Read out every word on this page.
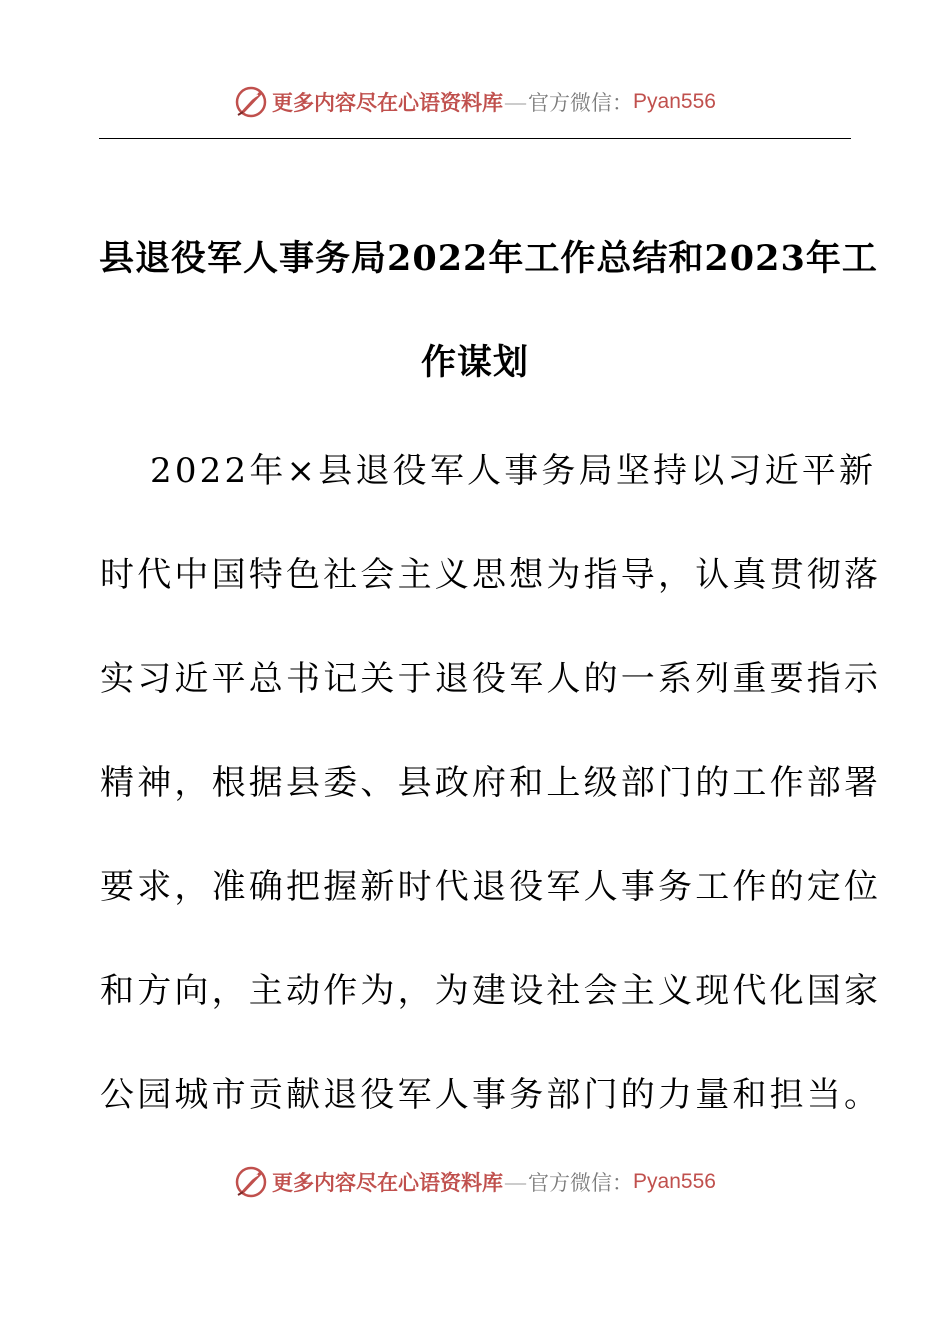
更多内容尽在心语资料库 — 官方微信： Pyan556
县退役军人事务局2022年工作总结和2023年工
作谋划
2022年×县退役军人事务局坚持以习近平新
时代中国特色社会主义思想为指导，认真贯彻落
实习近平总书记关于退役军人的一系列重要指示
精神，根据县委、县政府和上级部门的工作部署
要求，准确把握新时代退役军人事务工作的定位
和方向，主动作为，为建设社会主义现代化国家
公园城市贡献退役军人事务部门的力量和担当。
更多内容尽在心语资料库 — 官方微信： Pyan556
